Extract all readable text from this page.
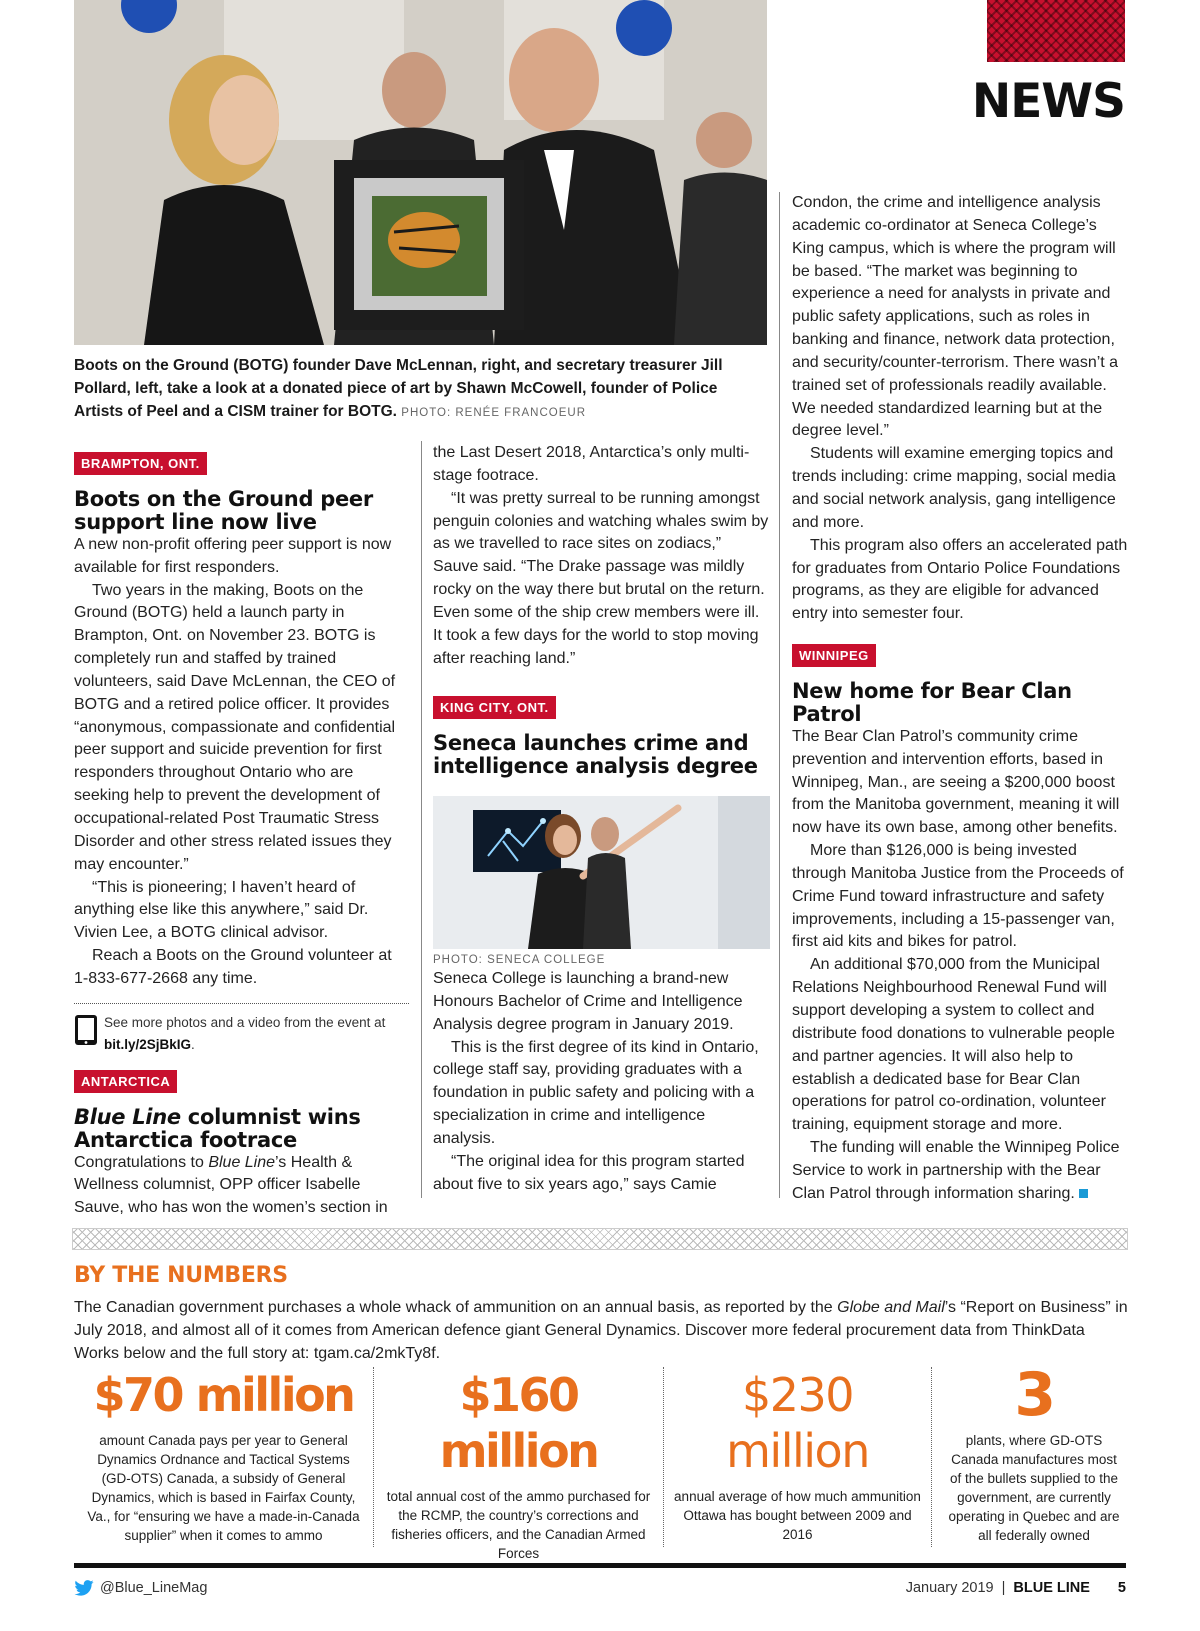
NEWS
Boots on the Ground (BOTG) founder Dave McLennan, right, and secretary treasurer Jill Pollard, left, take a look at a donated piece of art by Shawn McCowell, founder of Police Artists of Peel and a CISM trainer for BOTG. PHOTO: RENÉE FRANCOEUR
BRAMPTON, ONT.
Boots on the Ground peer support line now live

A new non-profit offering peer support is now available for first responders.

Two years in the making, Boots on the Ground (BOTG) held a launch party in Brampton, Ont. on November 23. BOTG is completely run and staffed by trained volunteers, said Dave McLennan, the CEO of BOTG and a retired police officer. It provides “anonymous, compassionate and confidential peer support and suicide prevention for first responders throughout Ontario who are seeking help to prevent the development of occupational-related Post Traumatic Stress Disorder and other stress related issues they may encounter.”

“This is pioneering; I haven’t heard of anything else like this anywhere,” said Dr. Vivien Lee, a BOTG clinical advisor.

Reach a Boots on the Ground volunteer at 1-833-677-2668 any time.

See more photos and a video from the event at
bit.ly/2SjBkIG.
ANTARCTICA
Blue Line columnist wins Antarctica footrace

Congratulations to Blue Line’s Health & Wellness columnist, OPP officer Isabelle Sauve, who has won the women’s section in

the Last Desert 2018, Antarctica’s only multi-stage footrace.

“It was pretty surreal to be running amongst penguin colonies and watching whales swim by as we travelled to race sites on zodiacs,” Sauve said. “The Drake passage was mildly rocky on the way there but brutal on the return. Even some of the ship crew members were ill. It took a few days for the world to stop moving after reaching land.”

KING CITY, ONT.
Seneca launches crime and intelligence analysis degree
PHOTO: SENECA COLLEGE

Seneca College is launching a brand-new Honours Bachelor of Crime and Intelligence Analysis degree program in January 2019.

This is the first degree of its kind in Ontario, college staff say, providing graduates with a foundation in public safety and policing with a specialization in crime and intelligence analysis.

“The original idea for this program started about five to six years ago,” says Camie

Condon, the crime and intelligence analysis academic co-ordinator at Seneca College’s King campus, which is where the program will be based. “The market was beginning to experience a need for analysts in private and public safety applications, such as roles in banking and finance, network data protection, and security/counter-terrorism. There wasn’t a trained set of professionals readily available. We needed standardized learning but at the degree level.”

Students will examine emerging topics and trends including: crime mapping, social media and social network analysis, gang intelligence and more.

This program also offers an accelerated path for graduates from Ontario Police Foundations programs, as they are eligible for advanced entry into semester four.

WINNIPEG
New home for Bear Clan Patrol

The Bear Clan Patrol’s community crime prevention and intervention efforts, based in Winnipeg, Man., are seeing a $200,000 boost from the Manitoba government, meaning it will now have its own base, among other benefits.

More than $126,000 is being invested through Manitoba Justice from the Proceeds of Crime Fund toward infrastructure and safety improvements, including a 15-passenger van, first aid kits and bikes for patrol.

An additional $70,000 from the Municipal Relations Neighbourhood Renewal Fund will support developing a system to collect and distribute food donations to vulnerable people and partner agencies. It will also help to establish a dedicated base for Bear Clan operations for patrol co-ordination, volunteer training, equipment storage and more.

The funding will enable the Winnipeg Police Service to work in partnership with the Bear Clan Patrol through information sharing.

BY THE NUMBERS
The Canadian government purchases a whole whack of ammunition on an annual basis, as reported by the Globe and Mail’s “Report on Business” in July 2018, and almost all of it comes from American defence giant General Dynamics. Discover more federal procurement data from ThinkData Works below and the full story at: tgam.ca/2mkTy8f.
$70 million
amount Canada pays per year to General Dynamics Ordnance and Tactical Systems (GD-OTS) Canada, a subsidy of General Dynamics, which is based in Fairfax County, Va., for “ensuring we have a made-in-Canada supplier” when it comes to ammo
$160 million
total annual cost of the ammo purchased for the RCMP, the country’s corrections and fisheries officers, and the Canadian Armed Forces
$230 million
annual average of how much ammunition Ottawa has bought between 2009 and 2016
3
plants, where GD-OTS Canada manufactures most of the bullets supplied to the government, are currently operating in Quebec and are all federally owned
@Blue_LineMag	January 2019 | BLUE LINE 5
